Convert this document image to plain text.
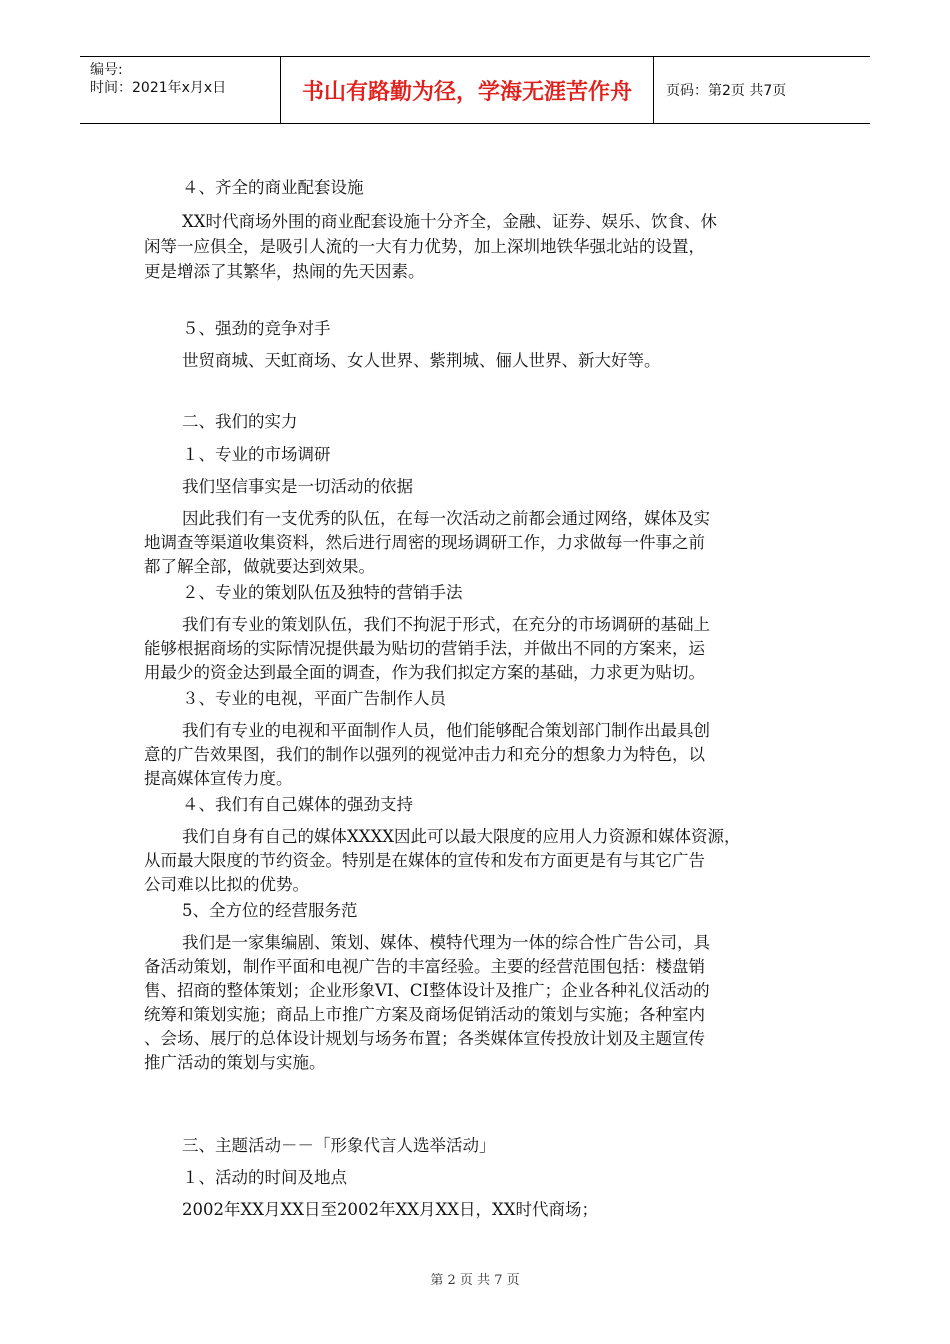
编号:
时间：2021年x月x日	书山有路勤为径，学海无涯苦作舟	页码：第2页 共7页
４、齐全的商业配套设施
XX时代商场外围的商业配套设施十分齐全，金融、证券、娱乐、饮食、休
闲等一应俱全，是吸引人流的一大有力优势，加上深圳地铁华强北站的设置，
更是增添了其繁华，热闹的先天因素。
５、强劲的竞争对手
世贸商城、天虹商场、女人世界、紫荆城、俪人世界、新大好等。
二、我们的实力
１、专业的市场调研
我们坚信事实是一切活动的依据
因此我们有一支优秀的队伍，在每一次活动之前都会通过网络，媒体及实
地调查等渠道收集资料，然后进行周密的现场调研工作，力求做每一件事之前
都了解全部，做就要达到效果。
２、专业的策划队伍及独特的营销手法
我们有专业的策划队伍，我们不拘泥于形式，在充分的市场调研的基础上
能够根据商场的实际情况提供最为贴切的营销手法，并做出不同的方案来，运
用最少的资金达到最全面的调查，作为我们拟定方案的基础，力求更为贴切。
３、专业的电视，平面广告制作人员
我们有专业的电视和平面制作人员，他们能够配合策划部门制作出最具创
意的广告效果图，我们的制作以强列的视觉冲击力和充分的想象力为特色，以
提高媒体宣传力度。
４、我们有自己媒体的强劲支持
我们自身有自己的媒体XXXX因此可以最大限度的应用人力资源和媒体资源，
从而最大限度的节约资金。特别是在媒体的宣传和发布方面更是有与其它广告
公司难以比拟的优势。
5、全方位的经营服务范
我们是一家集编剧、策划、媒体、模特代理为一体的综合性广告公司，具
备活动策划，制作平面和电视广告的丰富经验。主要的经营范围包括：楼盘销
售、招商的整体策划；企业形象VI、CI整体设计及推广；企业各种礼仪活动的
统筹和策划实施；商品上市推广方案及商场促销活动的策划与实施；各种室内
、会场、展厅的总体设计规划与场务布置；各类媒体宣传投放计划及主题宣传
推广活动的策划与实施。
三、主题活动－－「形象代言人选举活动」
１、活动的时间及地点
2002年XX月XX日至2002年XX月XX日，XX时代商场；
第 2 页 共 7 页
